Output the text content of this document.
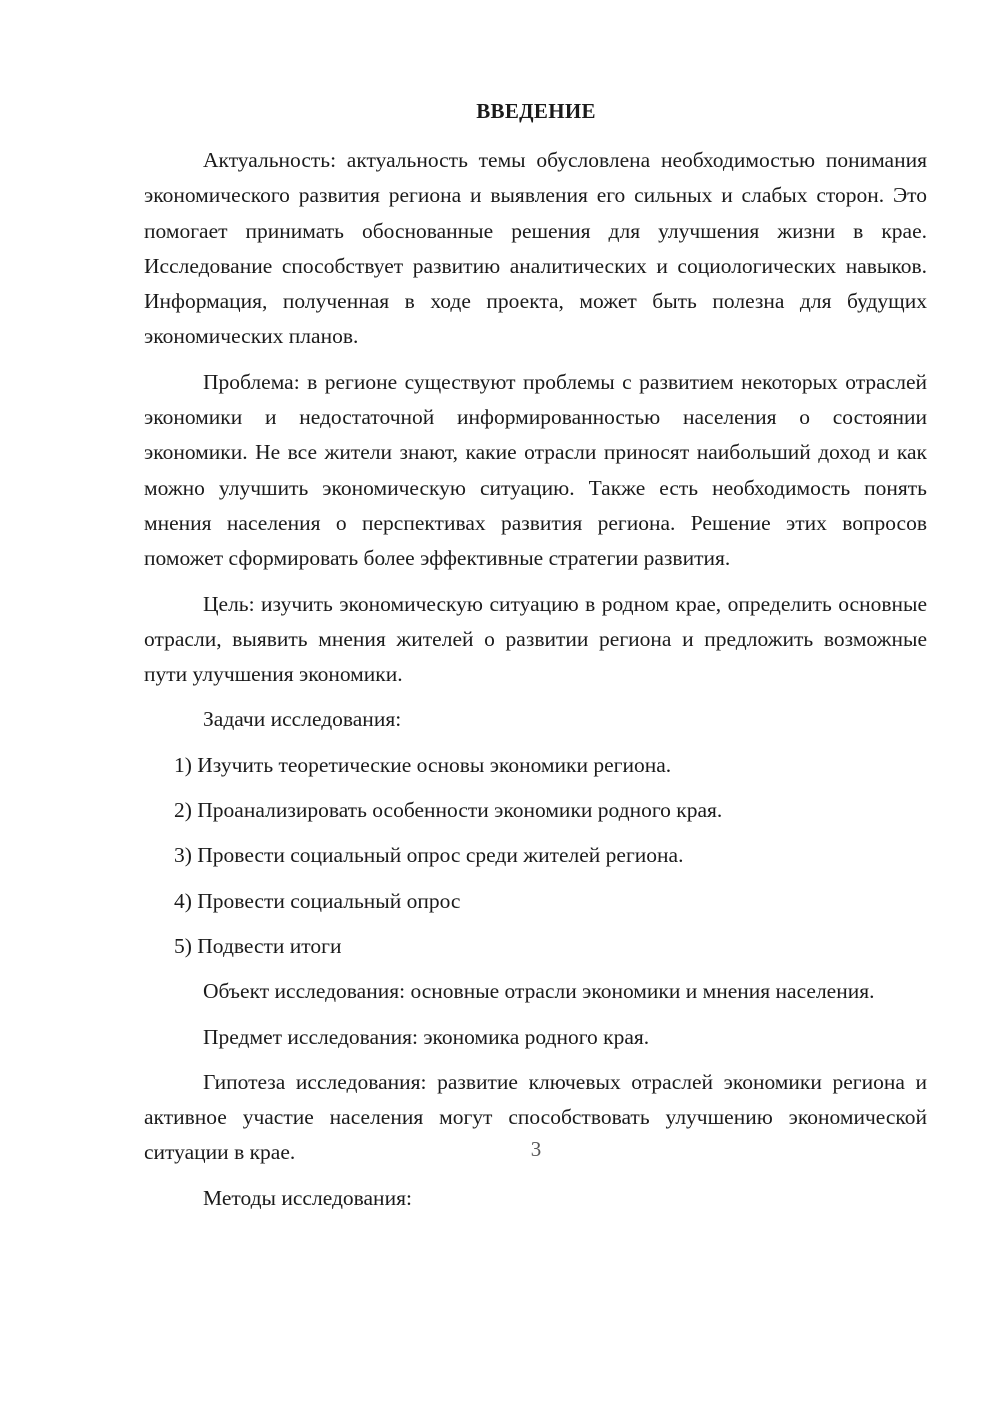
ВВЕДЕНИЕ

Актуальность: актуальность темы обусловлена необходимостью понимания экономического развития региона и выявления его сильных и слабых сторон. Это помогает принимать обоснованные решения для улучшения жизни в крае. Исследование способствует развитию аналитических и социологических навыков. Информация, полученная в ходе проекта, может быть полезна для будущих экономических планов.

Проблема: в регионе существуют проблемы с развитием некоторых отраслей экономики и недостаточной информированностью населения о состоянии экономики. Не все жители знают, какие отрасли приносят наибольший доход и как можно улучшить экономическую ситуацию. Также есть необходимость понять мнения населения о перспективах развития региона. Решение этих вопросов поможет сформировать более эффективные стратегии развития.

Цель: изучить экономическую ситуацию в родном крае, определить основные отрасли, выявить мнения жителей о развитии региона и предложить возможные пути улучшения экономики.

Задачи исследования:

1) Изучить теоретические основы экономики региона.

2) Проанализировать особенности экономики родного края.

3) Провести социальный опрос среди жителей региона.

4) Провести социальный опрос

5) Подвести итоги

Объект исследования: основные отрасли экономики и мнения населения.

Предмет исследования: экономика родного края.

Гипотеза исследования: развитие ключевых отраслей экономики региона и активное участие населения могут способствовать улучшению экономической ситуации в крае.

Методы исследования:

3
